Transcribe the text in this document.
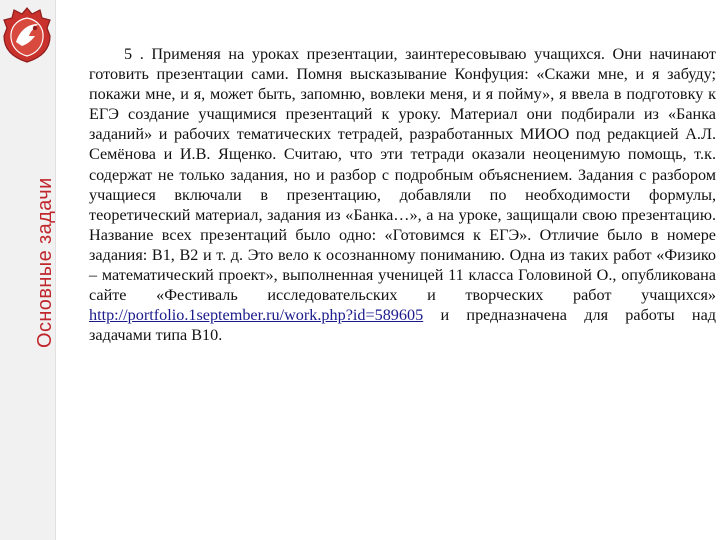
Основные задачи
5 . Применяя на уроках презентации, заинтересовываю учащихся. Они начинают готовить презентации сами. Помня высказывание Конфуция: «Скажи мне, и я забуду; покажи мне, и я, может быть, запомню, вовлеки меня, и я пойму», я ввела в подготовку к ЕГЭ создание учащимися презентаций к уроку. Материал они подбирали из «Банка заданий» и рабочих тематических тетрадей, разработанных МИОО под редакцией А.Л. Семёнова и И.В. Ященко. Считаю, что эти тетради оказали неоценимую помощь, т.к. содержат не только задания, но и разбор с подробным объяснением. Задания с разбором учащиеся включали в презентацию, добавляли по необходимости формулы, теоретический материал, задания из «Банка…», а на уроке, защищали свою презентацию. Название всех презентаций было одно: «Готовимся к ЕГЭ». Отличие было в номере задания: В1, В2 и т. д. Это вело к осознанному пониманию. Одна из таких работ «Физико – математический проект», выполненная ученицей 11 класса Головиной О., опубликована сайте «Фестиваль исследовательских и творческих работ учащихся» http://portfolio.1september.ru/work.php?id=589605 и предназначена для работы над задачами типа В10.
